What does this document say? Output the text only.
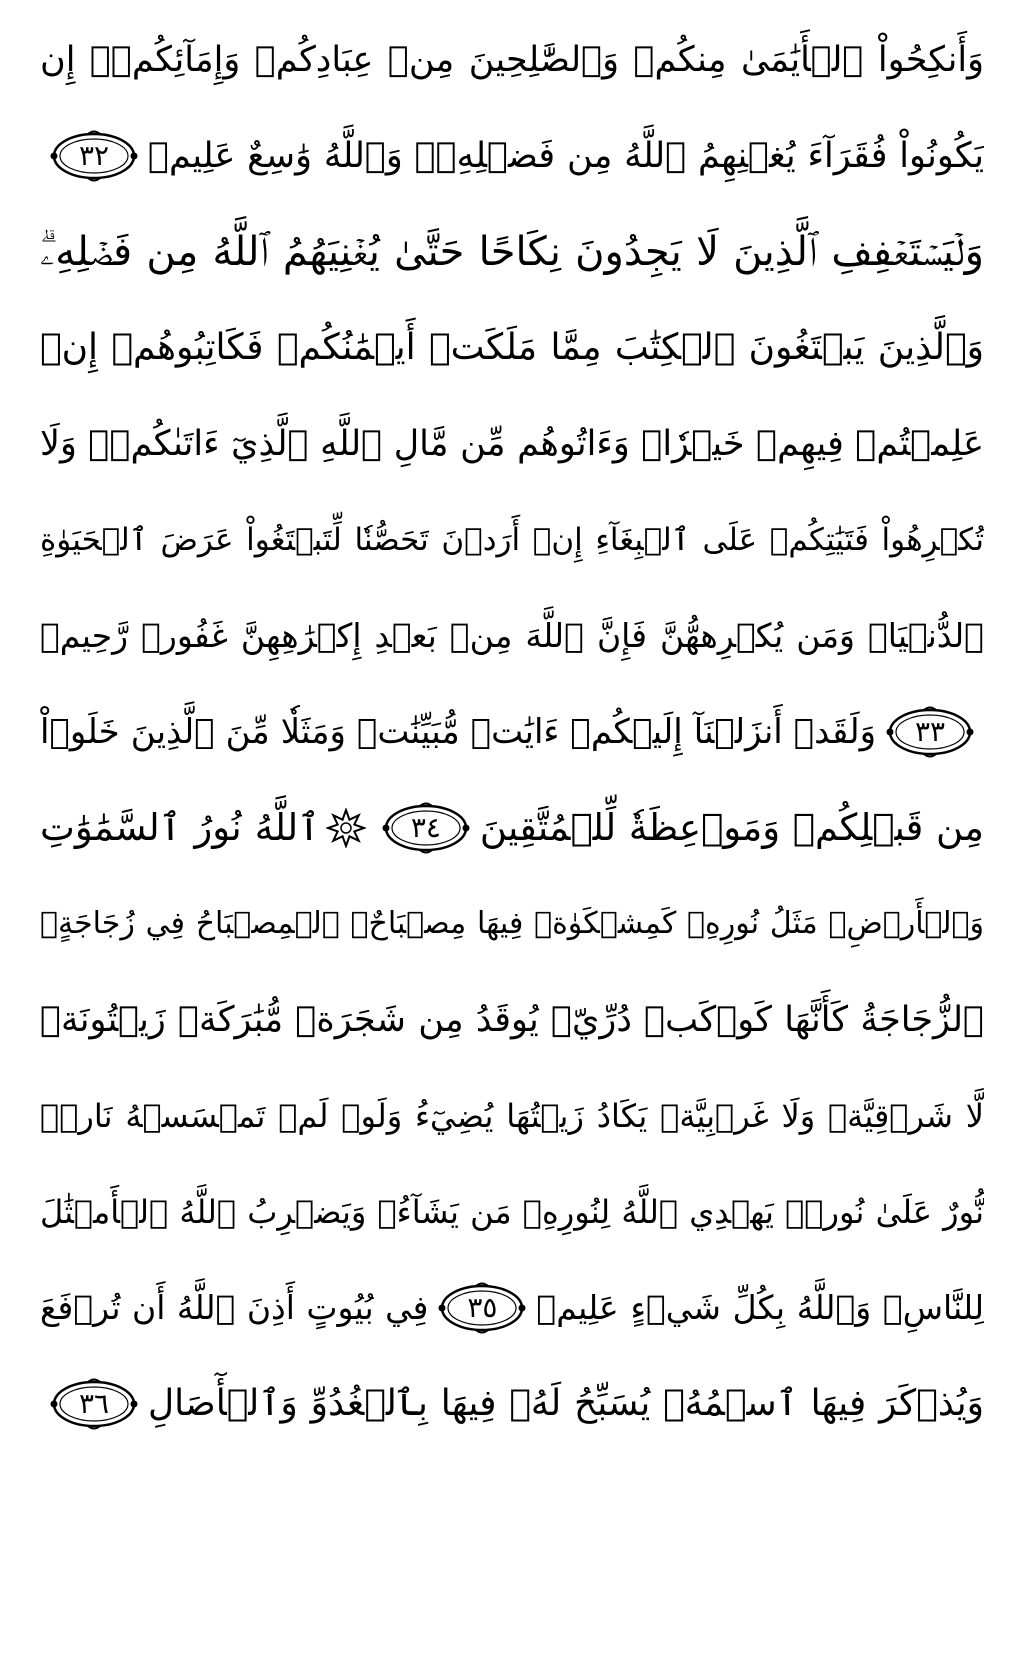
وَأَنكِحُواْ ٱلۡأَيَٰمَىٰ مِنكُمۡ وَٱلصَّٰلِحِينَ مِنۡ عِبَادِكُمۡ وَإِمَآئِكُمۡۚ إِن
يَكُونُواْ فُقَرَآءَ يُغۡنِهِمُ ٱللَّهُ مِن فَضۡلِهِۦۗ وَٱللَّهُ وَٰسِعٌ عَلِيمٞ
٣٢
وَلۡيَسۡتَعۡفِفِ ٱلَّذِينَ لَا يَجِدُونَ نِكَاحًا حَتَّىٰ يُغۡنِيَهُمُ ٱللَّهُ مِن فَضۡلِهِۦۗ
وَٱلَّذِينَ يَبۡتَغُونَ ٱلۡكِتَٰبَ مِمَّا مَلَكَتۡ أَيۡمَٰنُكُمۡ فَكَاتِبُوهُمۡ إِنۡ
عَلِمۡتُمۡ فِيهِمۡ خَيۡرٗاۖ وَءَاتُوهُم مِّن مَّالِ ٱللَّهِ ٱلَّذِيٓ ءَاتَىٰكُمۡۚ وَلَا
تُكۡرِهُواْ فَتَيَٰتِكُمۡ عَلَى ٱلۡبِغَآءِ إِنۡ أَرَدۡنَ تَحَصُّنٗا لِّتَبۡتَغُواْ عَرَضَ ٱلۡحَيَوٰةِ
ٱلدُّنۡيَاۚ وَمَن يُكۡرِههُّنَّ فَإِنَّ ٱللَّهَ مِنۢ بَعۡدِ إِكۡرَٰهِهِنَّ غَفُورٞ رَّحِيمٞ
٣٣
وَلَقَدۡ أَنزَلۡنَآ إِلَيۡكُمۡ ءَايَٰتٖ مُّبَيِّنَٰتٖ وَمَثَلٗا مِّنَ ٱلَّذِينَ خَلَوۡاْ
مِن قَبۡلِكُمۡ وَمَوۡعِظَةٗ لِّلۡمُتَّقِينَ
٣٤
ٱللَّهُ نُورُ ٱلسَّمَٰوَٰتِ
وَٱلۡأَرۡضِۚ مَثَلُ نُورِهِۦ كَمِشۡكَوٰةٖ فِيهَا مِصۡبَاحٌۖ ٱلۡمِصۡبَاحُ فِي زُجَاجَةٍۖ
ٱلزُّجَاجَةُ كَأَنَّهَا كَوۡكَبٞ دُرِّيّٞ يُوقَدُ مِن شَجَرَةٖ مُّبَٰرَكَةٖ زَيۡتُونَةٖ
لَّا شَرۡقِيَّةٖ وَلَا غَرۡبِيَّةٖ يَكَادُ زَيۡتُهَا يُضِيٓءُ وَلَوۡ لَمۡ تَمۡسَسۡهُ نَارٞۚ
نُّورٌ عَلَىٰ نُورٖۚ يَهۡدِي ٱللَّهُ لِنُورِهِۦ مَن يَشَآءُۚ وَيَضۡرِبُ ٱللَّهُ ٱلۡأَمۡثَٰلَ
لِلنَّاسِۗ وَٱللَّهُ بِكُلِّ شَيۡءٍ عَلِيمٞ
٣٥
فِي بُيُوتٍ أَذِنَ ٱللَّهُ أَن تُرۡفَعَ
وَيُذۡكَرَ فِيهَا ٱسۡمُهُۥ يُسَبِّحُ لَهُۥ فِيهَا بِٱلۡغُدُوِّ وَٱلۡأٓصَالِ
٣٦
